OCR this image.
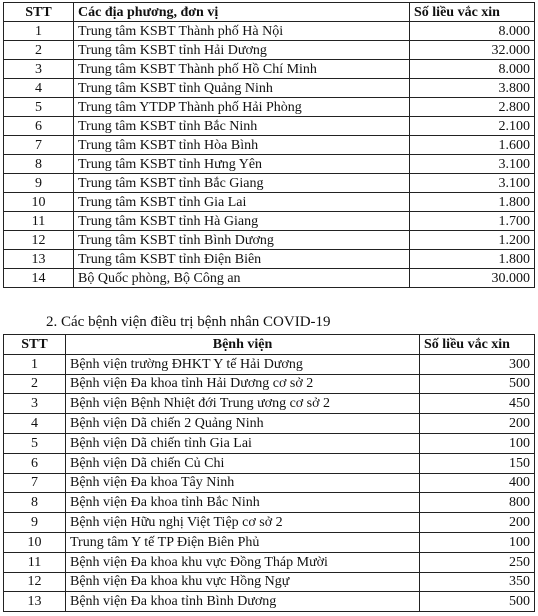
STT	Các địa phương, đơn vị	Số liều vắc xin
1	Trung tâm KSBT Thành phố Hà Nội	8.000
2	Trung tâm KSBT tỉnh Hải Dương	32.000
3	Trung tâm KSBT Thành phố Hồ Chí Minh	8.000
4	Trung tâm KSBT tỉnh Quảng Ninh	3.800
5	Trung tâm YTDP Thành phố Hải Phòng	2.800
6	Trung tâm KSBT tỉnh Bắc Ninh	2.100
7	Trung tâm KSBT tỉnh Hòa Bình	1.600
8	Trung tâm KSBT tỉnh Hưng Yên	3.100
9	Trung tâm KSBT tỉnh Bắc Giang	3.100
10	Trung tâm KSBT tỉnh Gia Lai	1.800
11	Trung tâm KSBT tỉnh Hà Giang	1.700
12	Trung tâm KSBT tỉnh Bình Dương	1.200
13	Trung tâm KSBT tỉnh Điện Biên	1.800
14	Bộ Quốc phòng, Bộ Công an	30.000
2. Các bệnh viện điều trị bệnh nhân COVID-19
STT	Bệnh viện	Số liều vắc xin
1	Bệnh viện trường ĐHKT Y tế Hải Dương	300
2	Bệnh viện Đa khoa tỉnh Hải Dương cơ sở 2	500
3	Bệnh viện Bệnh Nhiệt đới Trung ương cơ sở 2	450
4	Bệnh viện Dã chiến 2 Quảng Ninh	200
5	Bệnh viện Dã chiến tỉnh Gia Lai	100
6	Bệnh viện Dã chiến Củ Chi	150
7	Bệnh viện Đa khoa Tây Ninh	400
8	Bệnh viện Đa khoa tỉnh Bắc Ninh	800
9	Bệnh viện Hữu nghị Việt Tiệp cơ sở 2	200
10	Trung tâm Y tế TP Điện Biên Phủ	100
11	Bệnh viện Đa khoa khu vực Đồng Tháp Mười	250
12	Bệnh viện Đa khoa khu vực Hồng Ngự	350
13	Bệnh viện Đa khoa tỉnh Bình Dương	500
